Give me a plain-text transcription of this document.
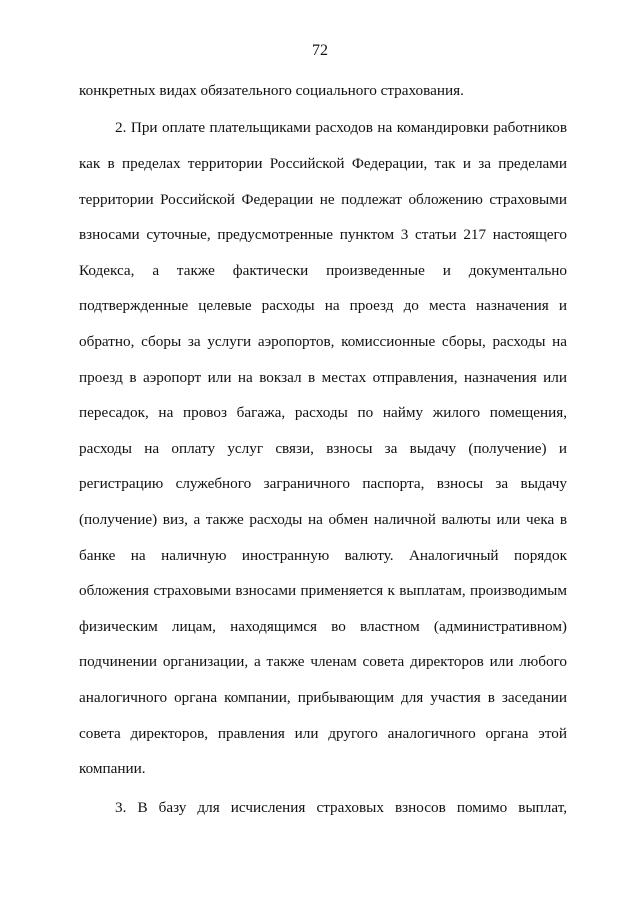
72
конкретных видах обязательного социального страхования.
2. При оплате плательщиками расходов на командировки работников
как в пределах территории Российской Федерации, так и за пределами
территории Российской Федерации не подлежат обложению страховыми
взносами суточные, предусмотренные пунктом 3 статьи 217 настоящего
Кодекса, а также фактически произведенные и документально
подтвержденные целевые расходы на проезд до места назначения и
обратно, сборы за услуги аэропортов, комиссионные сборы, расходы на
проезд в аэропорт или на вокзал в местах отправления, назначения или
пересадок, на провоз багажа, расходы по найму жилого помещения,
расходы на оплату услуг связи, взносы за выдачу (получение) и
регистрацию служебного заграничного паспорта, взносы за выдачу
(получение) виз, а также расходы на обмен наличной валюты или чека в
банке на наличную иностранную валюту. Аналогичный порядок
обложения страховыми взносами применяется к выплатам, производимым
физическим лицам, находящимся во властном (административном)
подчинении организации, а также членам совета директоров или любого
аналогичного органа компании, прибывающим для участия в заседании
совета директоров, правления или другого аналогичного органа этой
компании.
3. В базу для исчисления страховых взносов помимо выплат,
